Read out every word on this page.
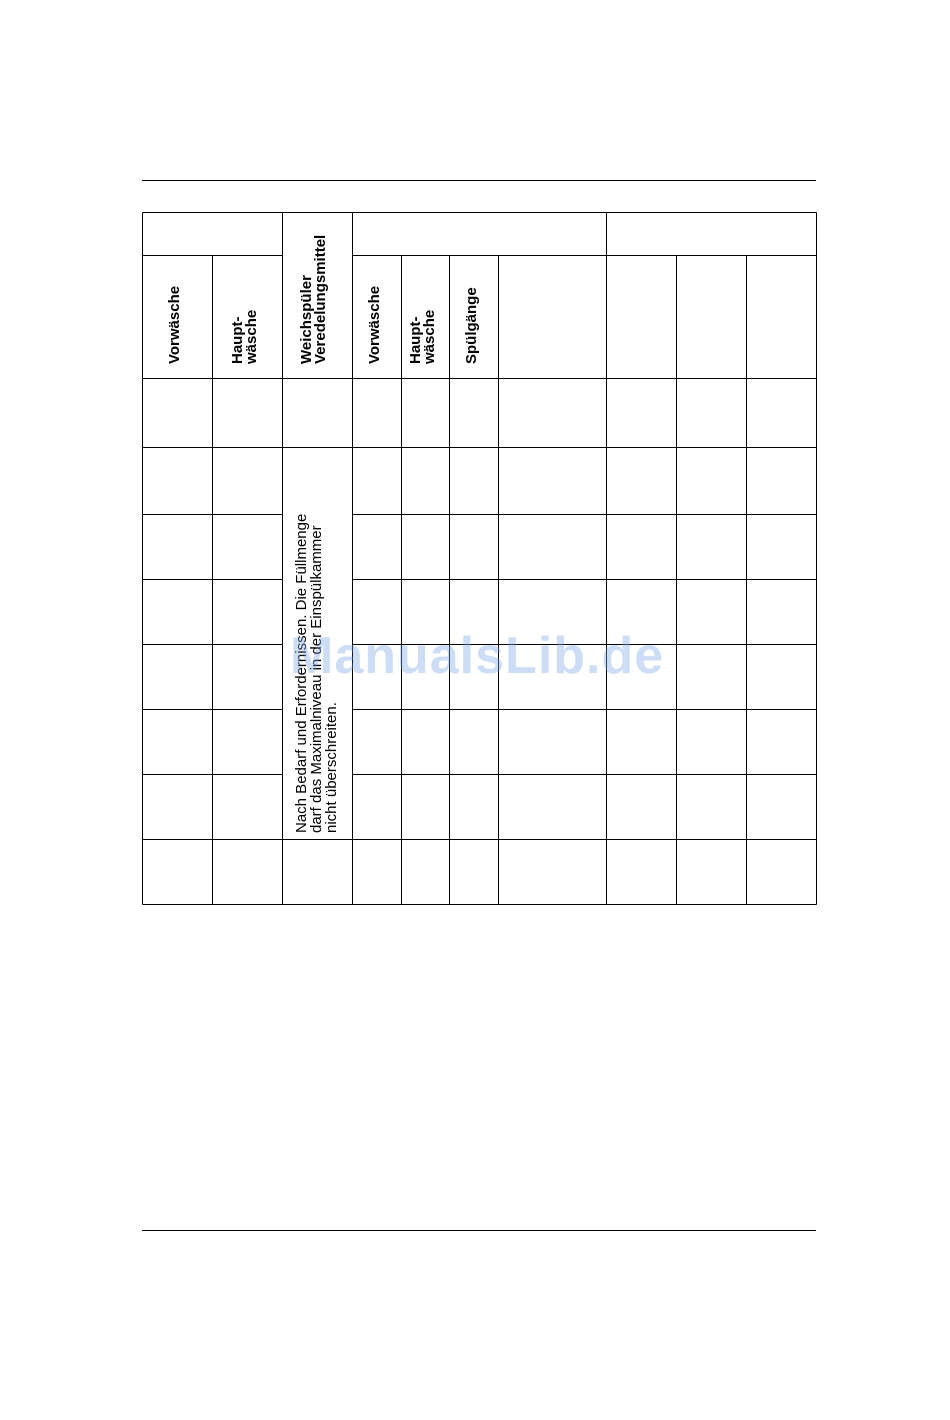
Vorwäsche	Haupt-
wäsche	Weichspüler
Veredelungsmittel Vorwäsche Haupt-
wäsche Spülgänge
Nach Bedarf und Erfordernissen. Die Füllmenge
darf das Maximalniveau in der Einspülkammer
nicht überschreiten.
ManualsLib.de
